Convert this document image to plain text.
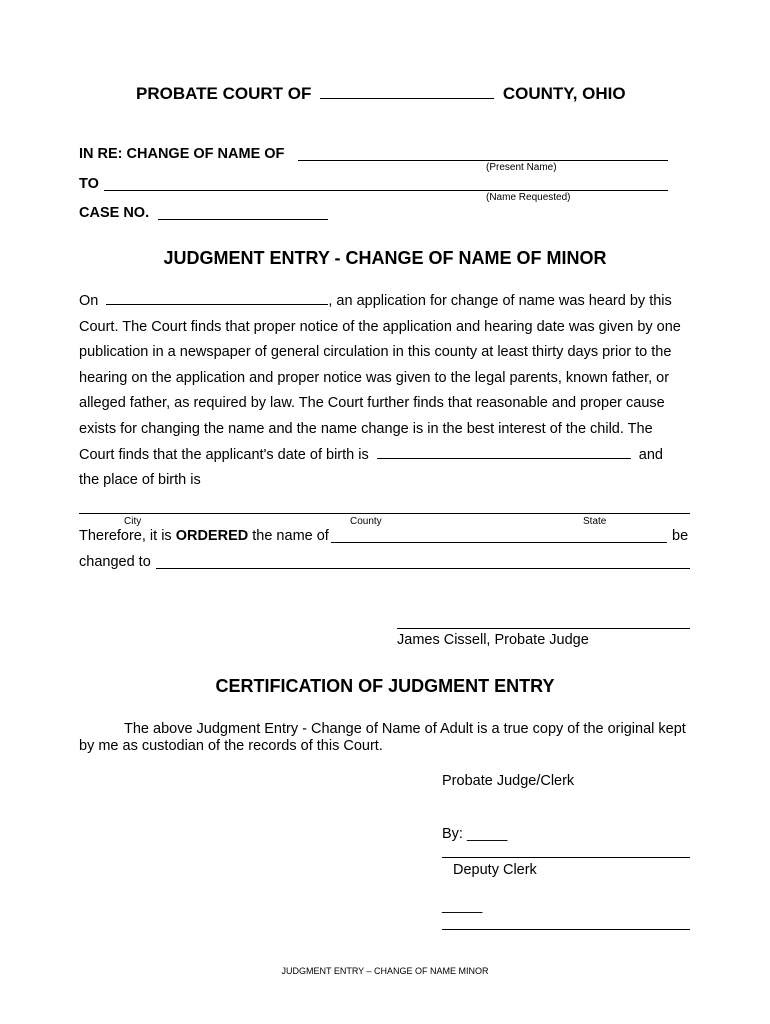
PROBATE COURT OF	COUNTY, OHIO
IN RE: CHANGE OF NAME OF
(Present Name)
TO
(Name Requested)
CASE NO.
JUDGMENT ENTRY - CHANGE OF NAME OF MINOR
On	, an application for change of name was heard by this
Court. The Court finds that proper notice of the application and hearing date was given by one
publication in a newspaper of general circulation in this county at least thirty days prior to the
hearing on the application and proper notice was given to the legal parents, known father, or
alleged father, as required by law. The Court further finds that reasonable and proper cause
exists for changing the name and the name change is in the best interest of the child. The
Court finds that the applicant's date of birth is	and
the place of birth is
City	County	State
Therefore, it is ORDERED the name of	be
changed to
James Cissell, Probate Judge
CERTIFICATION OF JUDGMENT ENTRY
The above Judgment Entry - Change of Name of Adult is a true copy of the original kept
by me as custodian of the records of this Court.
Probate Judge/Clerk
By: _____
Deputy Clerk
_____
JUDGMENT ENTRY – CHANGE OF NAME MINOR
